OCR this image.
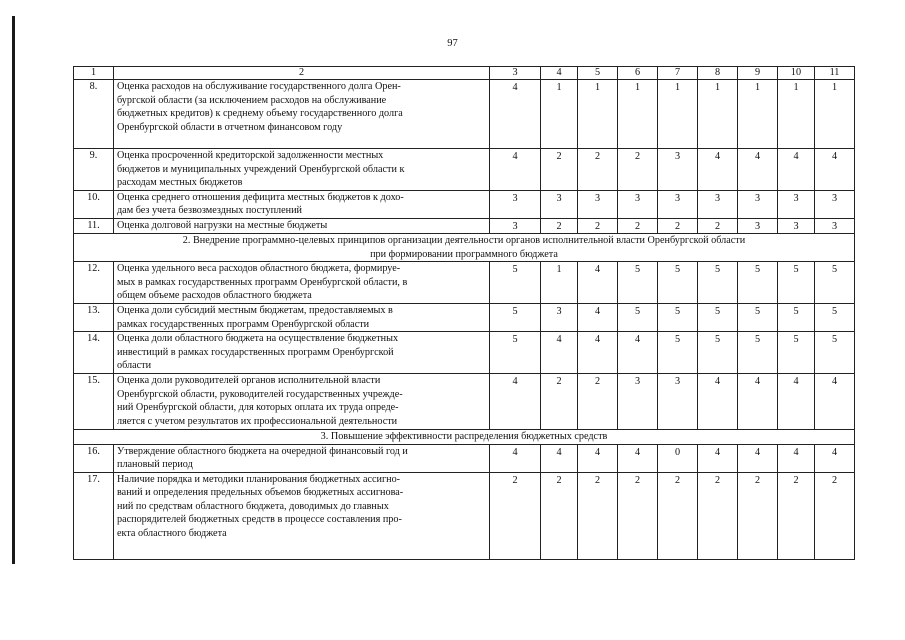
97
1	2	3	4	5	6	7	8	9	10	11
8.	Оценка расходов на обслуживание государственного долга Орен-
бургской области (за исключением расходов на обслуживание
бюджетных кредитов) к среднему объему государственного долга
Оренбургской области в отчетном финансовом году	4	1	1	1	1	1	1	1	1
9.	Оценка просроченной кредиторской задолженности местных
бюджетов и муниципальных учреждений Оренбургской области к
расходам местных бюджетов	4	2	2	2	3	4	4	4	4
10.	Оценка среднего отношения дефицита местных бюджетов к дохо-
дам без учета безвозмездных поступлений	3	3	3	3	3	3	3	3	3
11.	Оценка долговой нагрузки на местные бюджеты	3	2	2	2	2	2	3	3	3

2. Внедрение программно-целевых принципов организации деятельности органов исполнительной власти Оренбургской области
при формировании программного бюджета										

12.	Оценка удельного веса расходов областного бюджета, формируе-
мых в рамках государственных программ Оренбургской области, в
общем объеме расходов областного бюджета	5	1	4	5	5	5	5	5	5
13.	Оценка доли субсидий местным бюджетам, предоставляемых в
рамках государственных программ Оренбургской области	5	3	4	5	5	5	5	5	5
14.	Оценка доли областного бюджета на осуществление бюджетных
инвестиций в рамках государственных программ Оренбургской
области	5	4	4	4	5	5	5	5	5
15.	Оценка доли руководителей органов исполнительной власти
Оренбургской области, руководителей государственных учрежде-
ний Оренбургской области, для которых оплата их труда опреде-
ляется с учетом результатов их профессиональной деятельности	4	2	2	3	3	4	4	4	4

3. Повышение эффективности распределения бюджетных средств										

16.	Утверждение областного бюджета на очередной финансовый год и
плановый период	4	4	4	4	0	4	4	4	4
17.	Наличие порядка и методики планирования бюджетных ассигно-
ваний и определения предельных объемов бюджетных ассигнова-
ний по средствам областного бюджета, доводимых до главных
распорядителей бюджетных средств в процессе составления про-
екта областного бюджета	2	2	2	2	2	2	2	2	2
